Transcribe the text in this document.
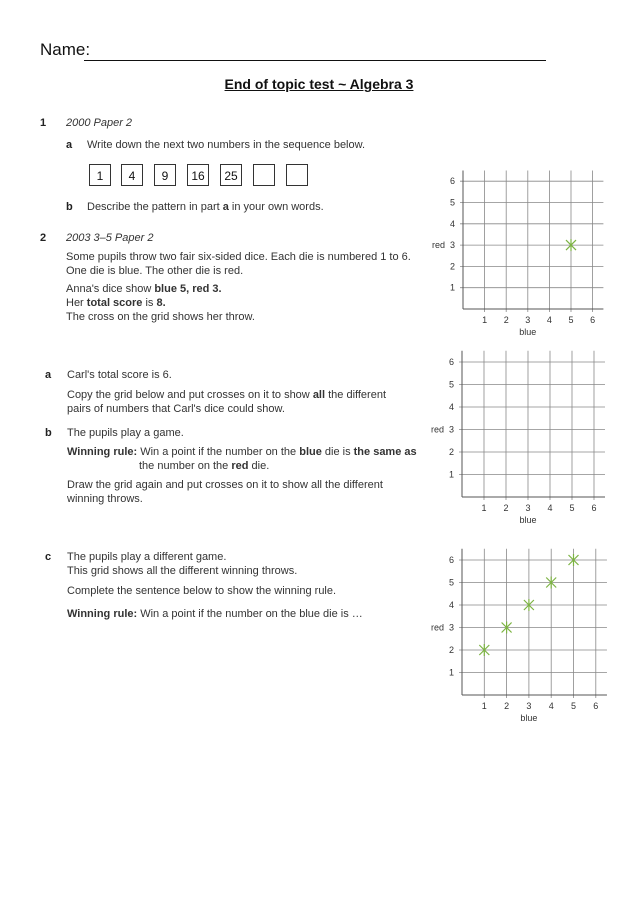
Name:
End of topic test ~ Algebra 3
1 2000 Paper 2
a Write down the next two numbers in the sequence below.
1	4	9	16	25
b Describe the pattern in part a in your own words.
2 2003 3–5 Paper 2
Some pupils throw two fair six-sided dice. Each die is numbered 1 to 6.
One die is blue. The other die is red.
Anna's dice show blue 5, red 3.
Her total score is 8.
The cross on the grid shows her throw.
a Carl's total score is 6.
Copy the grid below and put crosses on it to show all the different
pairs of numbers that Carl's dice could show.
b The pupils play a game.
Winning rule: Win a point if the number on the blue die is the same as
the number on the red die.
Draw the grid again and put crosses on it to show all the different
winning throws.
c The pupils play a different game.
This grid shows all the different winning throws.
Complete the sentence below to show the winning rule.
Winning rule: Win a point if the number on the blue die is …
1
1
2
2
3
3
4
4
5
5
6
6
blue
red
1
1
2
2
3
3
4
4
5
5
6
6
blue
red
1
1
2
2
3
3
4
4
5
5
6
6
blue
red
